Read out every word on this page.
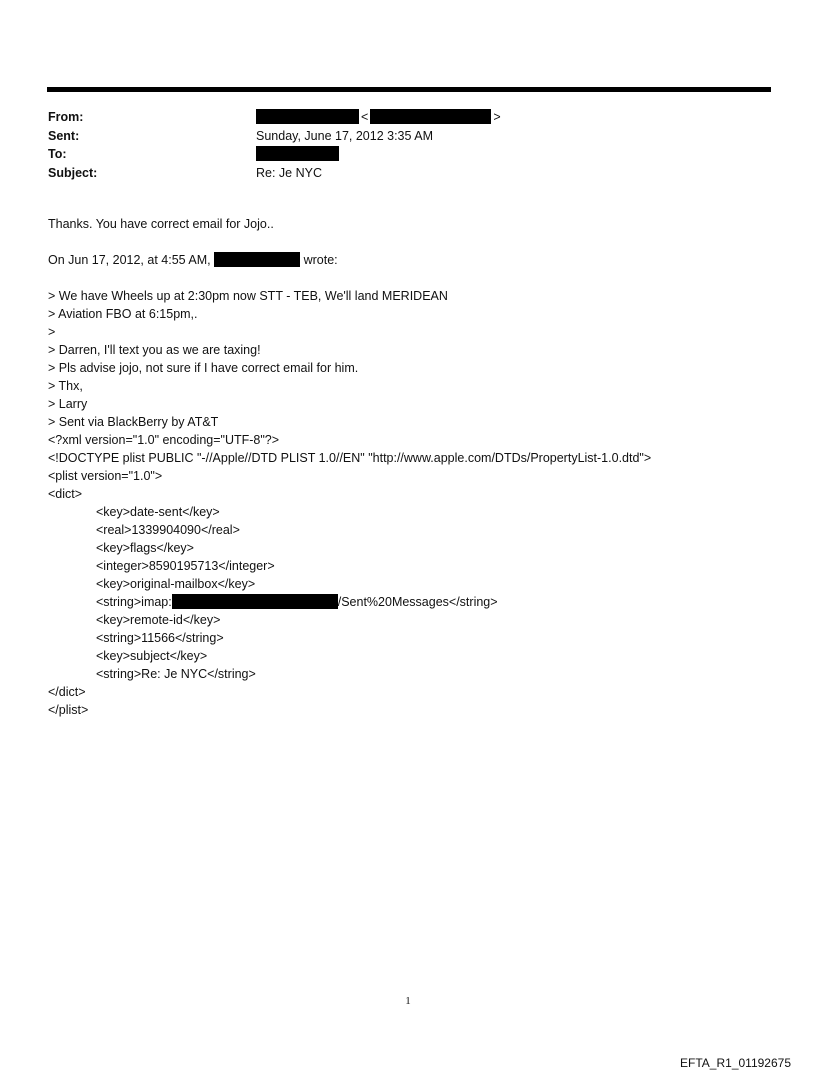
From:	<	>
Sent:	Sunday, June 17, 2012 3:35 AM
To:
Subject:	Re: Je NYC
Thanks. You have correct email for Jojo..
On Jun 17, 2012, at 4:55 AM,	wrote:
> We have Wheels up at 2:30pm now STT - TEB, We'll land MERIDEAN
> Aviation FBO at 6:15pm,.
>
> Darren, I'll text you as we are taxing!
> Pls advise jojo, not sure if I have correct email for him.
> Thx,
> Larry
> Sent via BlackBerry by AT&T
<?xml version="1.0" encoding="UTF-8"?>
<!DOCTYPE plist PUBLIC "-//Apple//DTD PLIST 1.0//EN" "http://www.apple.com/DTDs/PropertyList-1.0.dtd">
<plist version="1.0">
<dict>
<key>date-sent</key>
<real>1339904090</real>
<key>flags</key>
<integer>8590195713</integer>
<key>original-mailbox</key>
<string>imap:	/Sent%20Messages</string>
<key>remote-id</key>
<string>11566</string>
<key>subject</key>
<string>Re: Je NYC</string>
</dict>
</plist>
1
EFTA_R1_01192675
